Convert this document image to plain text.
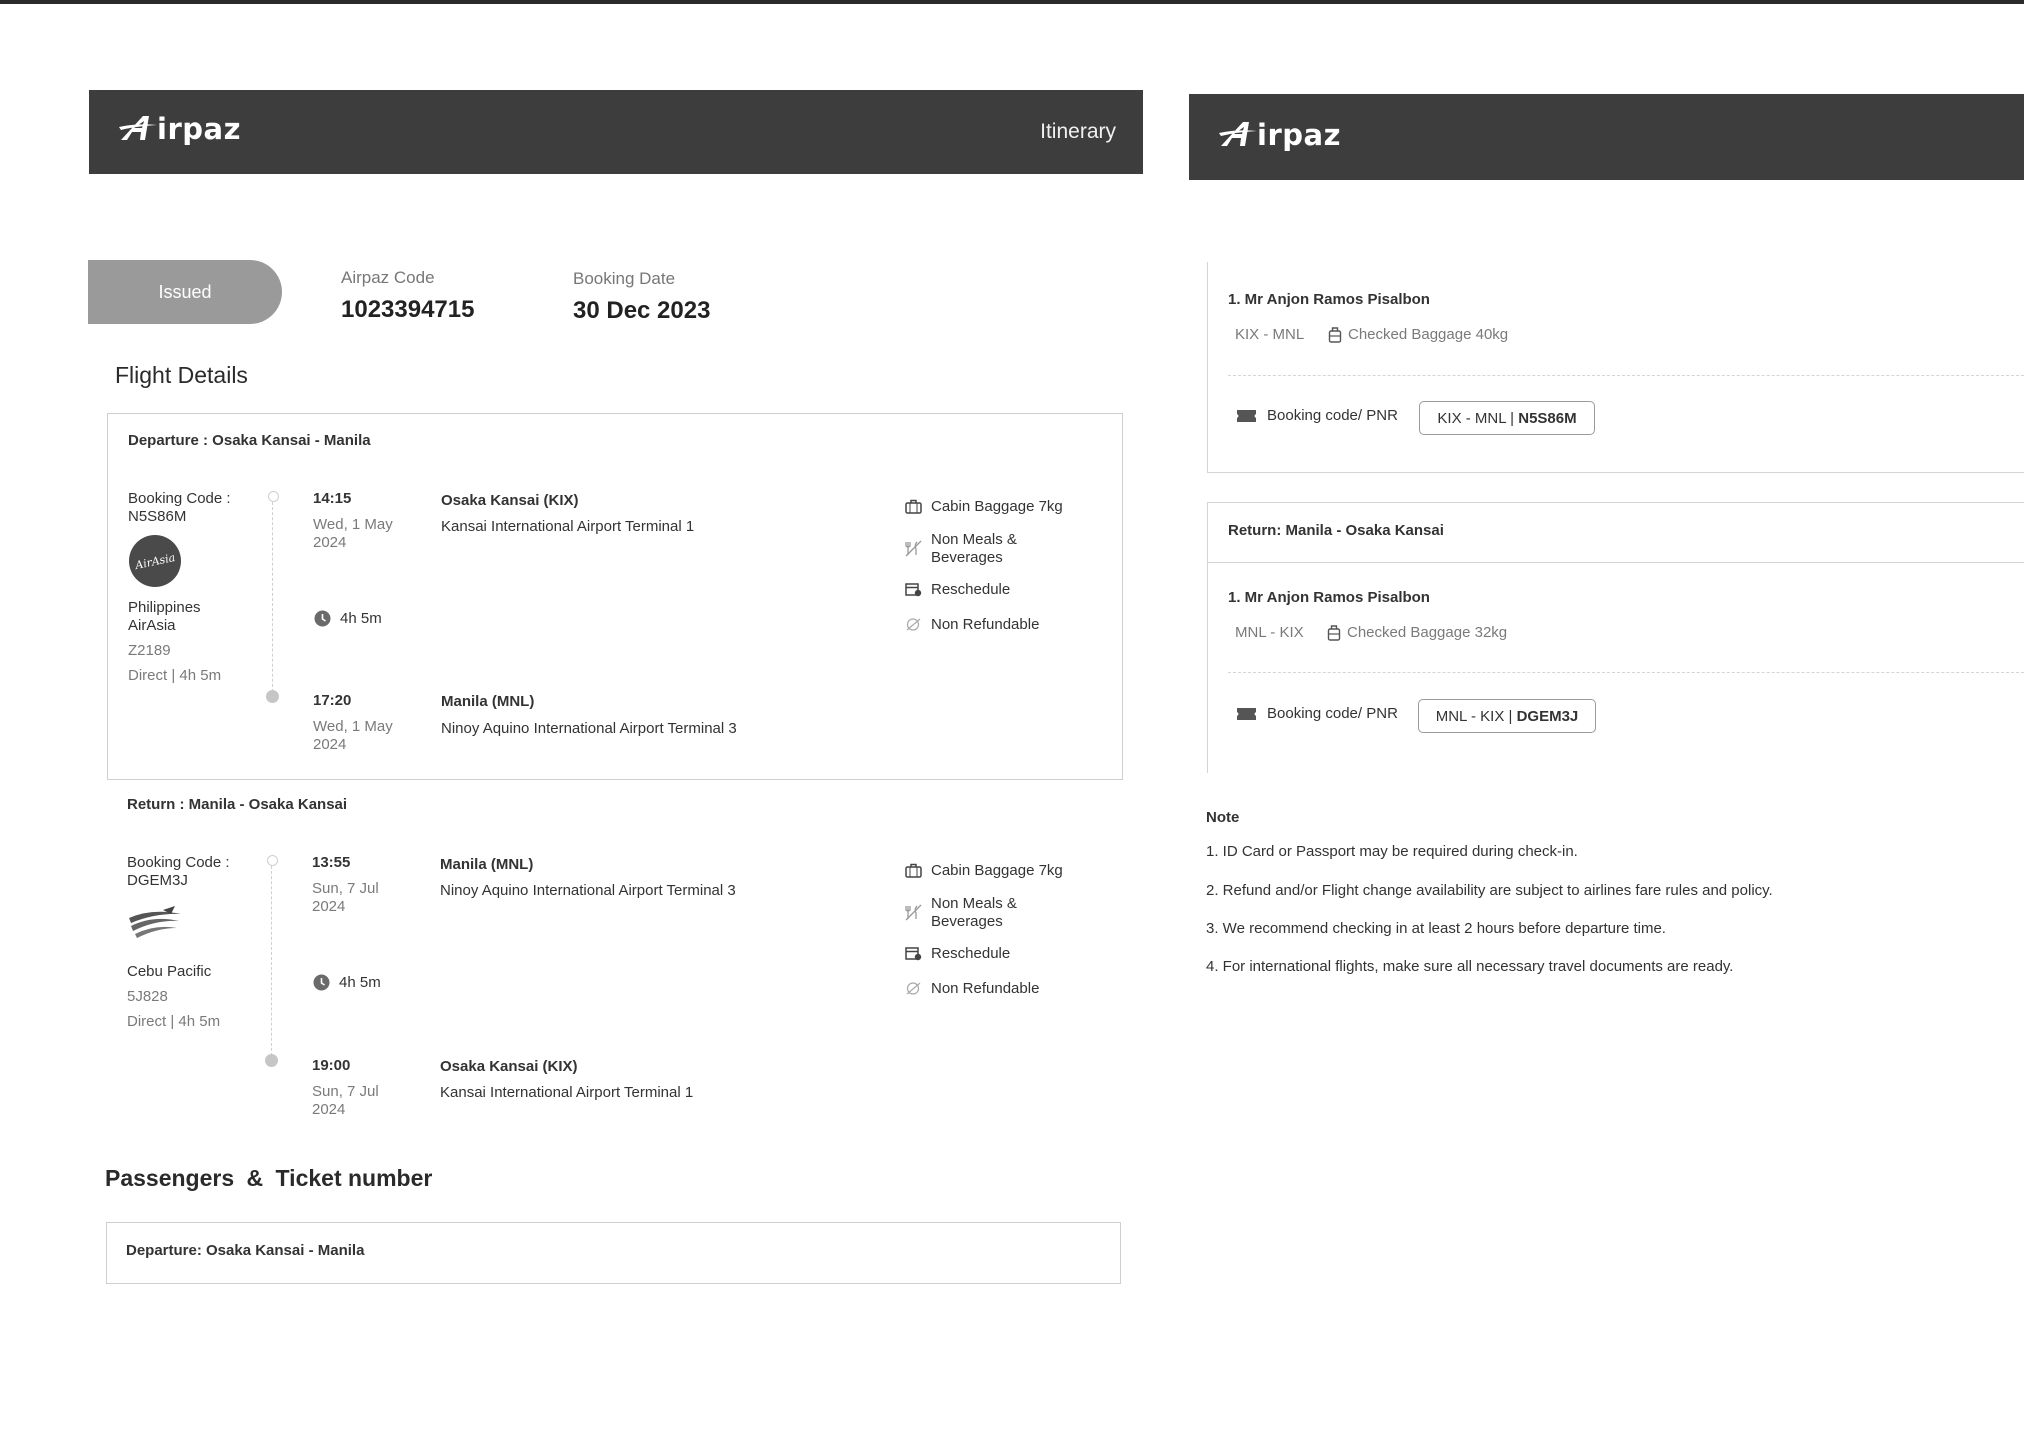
irpaz	Itinerary	irpaz
Issued
Airpaz Code
1023394715
Booking Date
30 Dec 2023
Flight Details
Departure : Osaka Kansai - Manila
Booking Code :
N5S86M
AirAsia
Philippines
AirAsia
Z2189
Direct | 4h 5m
14:15
Wed, 1 May
2024
Osaka Kansai (KIX)
Kansai International Airport Terminal 1
4h 5m
17:20
Wed, 1 May
2024
Manila (MNL)
Ninoy Aquino International Airport Terminal 3
Cabin Baggage 7kg
Non Meals &
Beverages
Reschedule
Non Refundable
Return : Manila - Osaka Kansai
Booking Code :
DGEM3J
Cebu Pacific
5J828
Direct | 4h 5m
13:55
Sun, 7 Jul
2024
Manila (MNL)
Ninoy Aquino International Airport Terminal 3
4h 5m
19:00
Sun, 7 Jul
2024
Osaka Kansai (KIX)
Kansai International Airport Terminal 1
Cabin Baggage 7kg
Non Meals &
Beverages
Reschedule
Non Refundable
Passengers & Ticket number
Departure: Osaka Kansai - Manila
1. Mr Anjon Ramos Pisalbon
KIX - MNL	Checked Baggage 40kg
Booking code/ PNR	KIX - MNL | N5S86M
Return: Manila - Osaka Kansai
1. Mr Anjon Ramos Pisalbon
MNL - KIX	Checked Baggage 32kg
Booking code/ PNR	MNL - KIX | DGEM3J
Note
1. ID Card or Passport may be required during check-in.
2. Refund and/or Flight change availability are subject to airlines fare rules and policy.
3. We recommend checking in at least 2 hours before departure time.
4. For international flights, make sure all necessary travel documents are ready.
